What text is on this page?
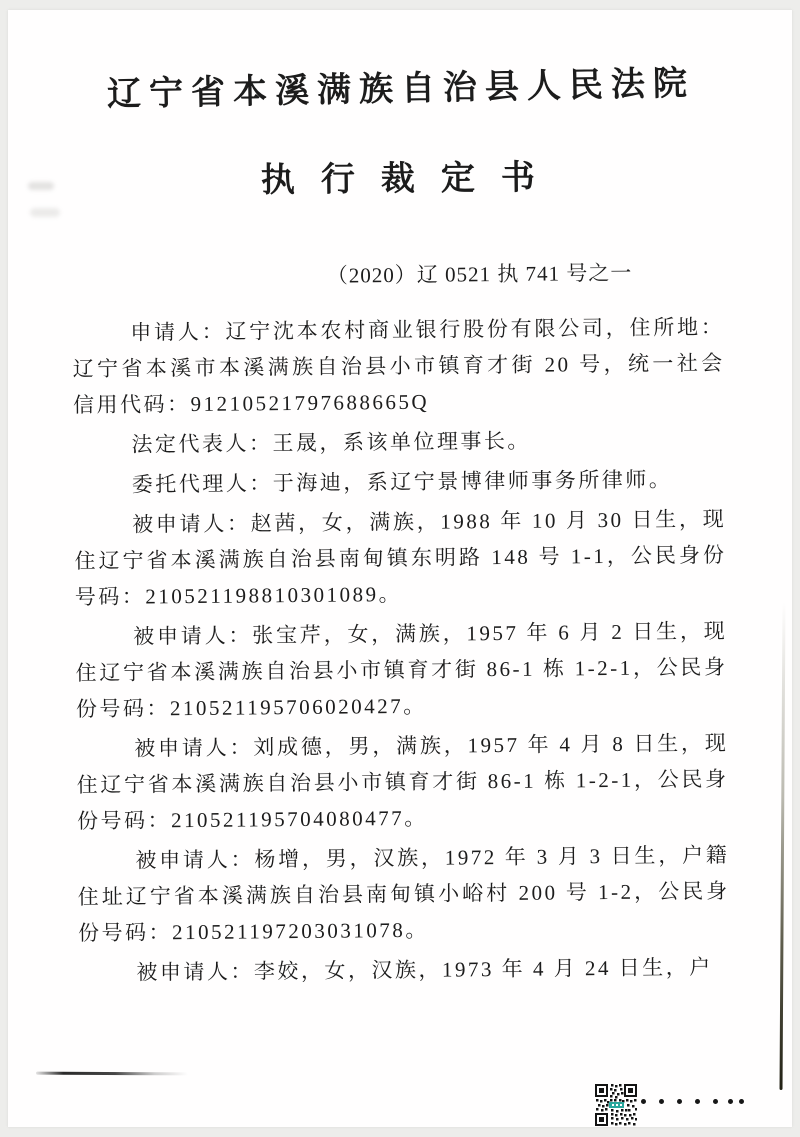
辽宁省本溪满族自治县人民法院
执行裁定书
（2020）辽 0521 执 741 号之一

申请人：辽宁沈本农村商业银行股份有限公司，住所地：辽宁省本溪市本溪满族自治县小市镇育才街 20 号，统一社会信用代码：91210521797688665Q

法定代表人：王晟，系该单位理事长。

委托代理人：于海迪，系辽宁景博律师事务所律师。

被申请人：赵茜，女，满族，1988 年 10 月 30 日生，现住辽宁省本溪满族自治县南甸镇东明路 148 号 1-1，公民身份号码：210521198810301089。

被申请人：张宝芹，女，满族，1957 年 6 月 2 日生，现住辽宁省本溪满族自治县小市镇育才街 86-1 栋 1-2-1，公民身份号码：210521195706020427。

被申请人：刘成德，男，满族，1957 年 4 月 8 日生，现住辽宁省本溪满族自治县小市镇育才街 86-1 栋 1-2-1，公民身份号码：210521195704080477。

被申请人：杨增，男，汉族，1972 年 3 月 3 日生，户籍住址辽宁省本溪满族自治县南甸镇小峪村 200 号 1-2，公民身份号码：210521197203031078。

被申请人：李姣，女，汉族，1973 年 4 月 24 日生，户
